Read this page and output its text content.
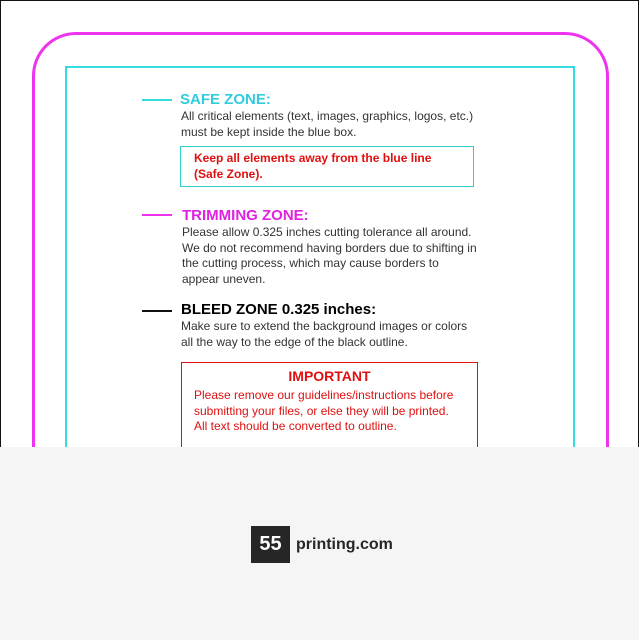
SAFE ZONE:
All critical elements (text, images, graphics, logos, etc.)
must be kept inside the blue box.
Keep all elements away from the blue line
(Safe Zone).
TRIMMING ZONE:
Please allow 0.325 inches cutting tolerance all around.
We do not recommend having borders due to shifting in
the cutting process, which may cause borders to
appear uneven.
BLEED ZONE 0.325 inches:
Make sure to extend the background images or colors
all the way to the edge of the black outline.
IMPORTANT
Please remove our guidelines/instructions before
submitting your files, or else they will be printed.
All text should be converted to outline.
55 printing.com
